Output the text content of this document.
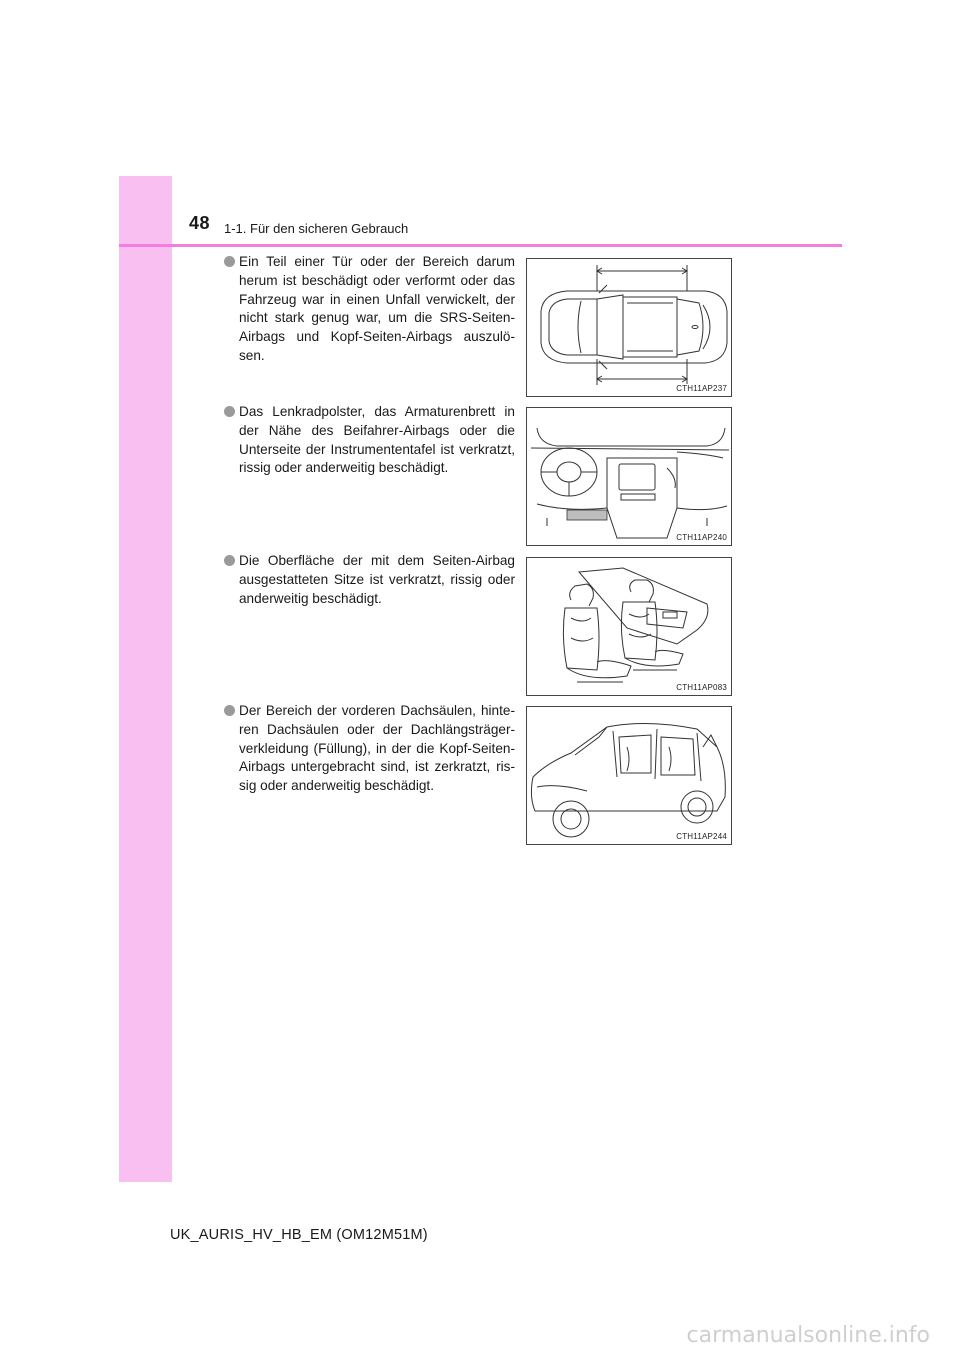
48 1-1. Für den sicheren Gebrauch
Ein Teil einer Tür oder der Bereich darum herum ist beschädigt oder verformt oder das Fahrzeug war in einen Unfall verwickelt, der nicht stark genug war, um die SRS-Seiten-Airbags und Kopf-Seiten-Airbags auszulö-sen.
CTH11AP237
Das Lenkradpolster, das Armaturenbrett in der Nähe des Beifahrer-Airbags oder die Unterseite der Instrumententafel ist verkratzt, rissig oder anderweitig beschädigt.
CTH11AP240
Die Oberfläche der mit dem Seiten-Airbag ausgestatteten Sitze ist verkratzt, rissig oder anderweitig beschädigt.
CTH11AP083
Der Bereich der vorderen Dachsäulen, hinte-ren Dachsäulen oder der Dachlängsträger-verkleidung (Füllung), in der die Kopf-Seiten-Airbags untergebracht sind, ist zerkratzt, ris-sig oder anderweitig beschädigt.
CTH11AP244
UK_AURIS_HV_HB_EM (OM12M51M)
carmanualsonline.info
